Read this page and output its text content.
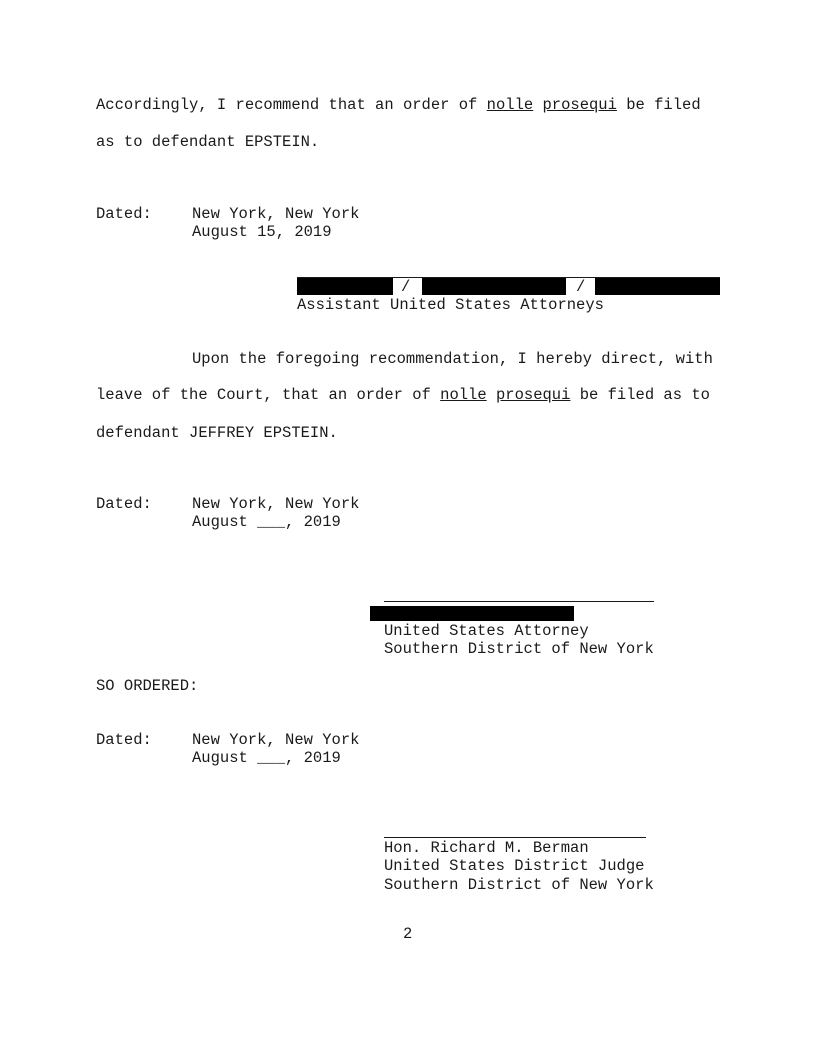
Accordingly, I recommend that an order of nolle prosequi be filed
as to defendant EPSTEIN.
Dated:	New York, New York
August 15, 2019
/	/
Assistant United States Attorneys
Upon the foregoing recommendation, I hereby direct, with
leave of the Court, that an order of nolle prosequi be filed as to
defendant JEFFREY EPSTEIN.
Dated:	New York, New York
August ___, 2019
United States Attorney
Southern District of New York
SO ORDERED:
Dated:	New York, New York
August ___, 2019
Hon. Richard M. Berman
United States District Judge
Southern District of New York
2
